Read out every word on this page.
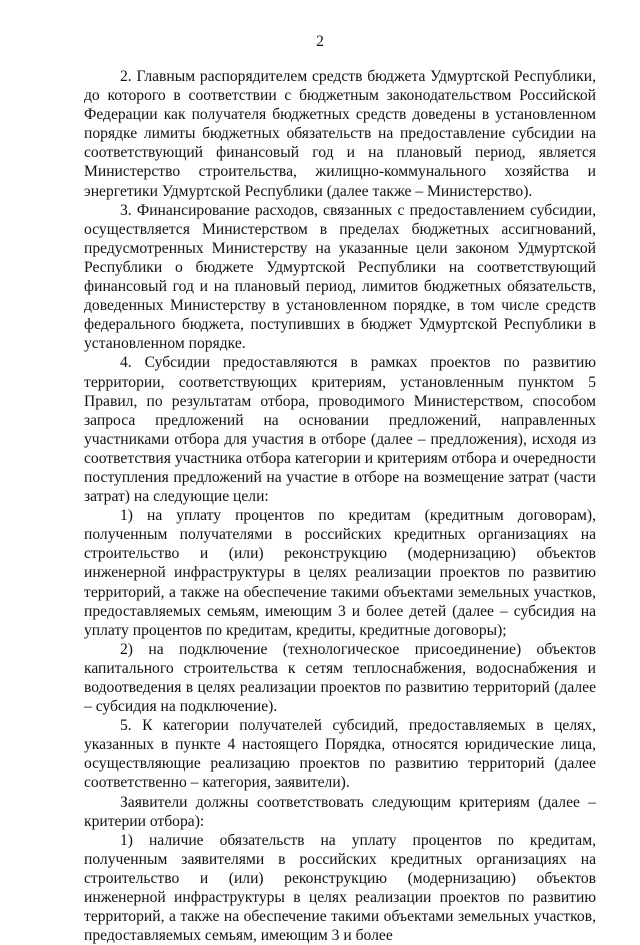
2

2. Главным распорядителем средств бюджета Удмуртской Республики, до которого в соответствии с бюджетным законодательством Российской Федерации как получателя бюджетных средств доведены в установленном порядке лимиты бюджетных обязательств на предоставление субсидии на соответствующий финансовый год и на плановый период, является Министерство строительства, жилищно-коммунального хозяйства и энергетики Удмуртской Республики (далее также – Министерство).

3. Финансирование расходов, связанных с предоставлением субсидии, осуществляется Министерством в пределах бюджетных ассигнований, предусмотренных Министерству на указанные цели законом Удмуртской Республики о бюджете Удмуртской Республики на соответствующий финансовый год и на плановый период, лимитов бюджетных обязательств, доведенных Министерству в установленном порядке, в том числе средств федерального бюджета, поступивших в бюджет Удмуртской Республики в установленном порядке.

4. Субсидии предоставляются в рамках проектов по развитию территории, соответствующих критериям, установленным пунктом 5 Правил, по результатам отбора, проводимого Министерством, способом запроса предложений на основании предложений, направленных участниками отбора для участия в отборе (далее – предложения), исходя из соответствия участника отбора категории и критериям отбора и очередности поступления предложений на участие в отборе на возмещение затрат (части затрат) на следующие цели:

1) на уплату процентов по кредитам (кредитным договорам), полученным получателями в российских кредитных организациях на строительство и (или) реконструкцию (модернизацию) объектов инженерной инфраструктуры в целях реализации проектов по развитию территорий, а также на обеспечение такими объектами земельных участков, предоставляемых семьям, имеющим 3 и более детей (далее – субсидия на уплату процентов по кредитам, кредиты, кредитные договоры);

2) на подключение (технологическое присоединение) объектов капитального строительства к сетям теплоснабжения, водоснабжения и водоотведения в целях реализации проектов по развитию территорий (далее – субсидия на подключение).

5. К категории получателей субсидий, предоставляемых в целях, указанных в пункте 4 настоящего Порядка, относятся юридические лица, осуществляющие реализацию проектов по развитию территорий (далее соответственно – категория, заявители).

Заявители должны соответствовать следующим критериям (далее – критерии отбора):

1) наличие обязательств на уплату процентов по кредитам, полученным заявителями в российских кредитных организациях на строительство и (или) реконструкцию (модернизацию) объектов инженерной инфраструктуры в целях реализации проектов по развитию территорий, а также на обеспечение такими объектами земельных участков, предоставляемых семьям, имеющим 3 и более
